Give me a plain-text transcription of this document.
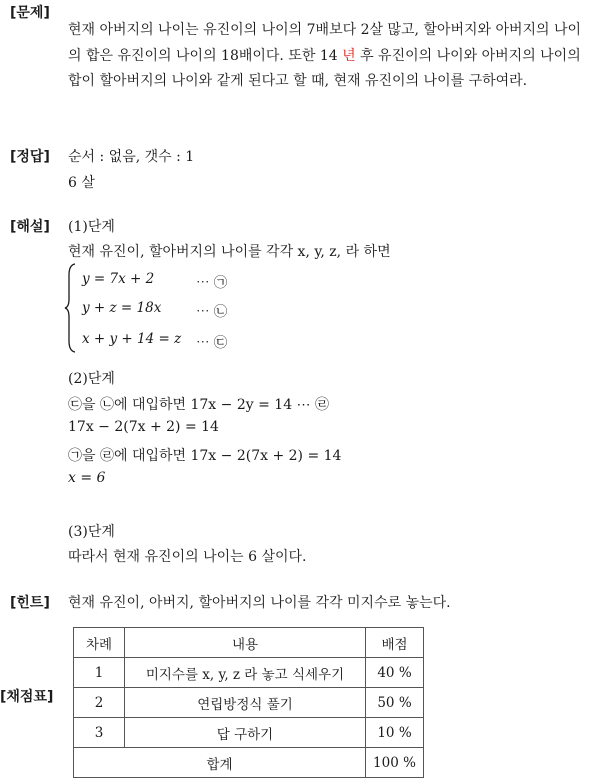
[문제]
현재 아버지의 나이는 유진이의 나이의 7배보다 2살 많고, 할아버지와 아버지의 나이의 합은 유진이의 나이의 18배이다. 또한 14 년 후 유진이의 나이와 아버지의 나이의 합이 할아버지의 나이와 같게 된다고 할 때, 현재 유진이의 나이를 구하여라.
[정답] 순서 : 없음, 갯수 : 1
6 살
[해설] (1)단계
현재 유진이, 할아버지의 나이를 각각 x, y, z, 라 하면
y = 7x + 2	⋯ ㉠
y + z = 18x	⋯ ㉡
x + y + 14 = z ⋯ ㉢
(2)단계
㉢을 ㉡에 대입하면 17x − 2y = 14 ⋯ ㉣
17x − 2(7x + 2) = 14
㉠을 ㉣에 대입하면 17x − 2(7x + 2) = 14
x = 6
(3)단계
따라서 현재 유진이의 나이는 6 살이다.
[힌트] 현재 유진이, 아버지, 할아버지의 나이를 각각 미지수로 놓는다.
[채점표]
차례	내용	배점
1	미지수를 x, y, z 라 놓고 식세우기	40 %
2	연립방정식 풀기	50 %
3	답 구하기	10 %
합계		100 %
